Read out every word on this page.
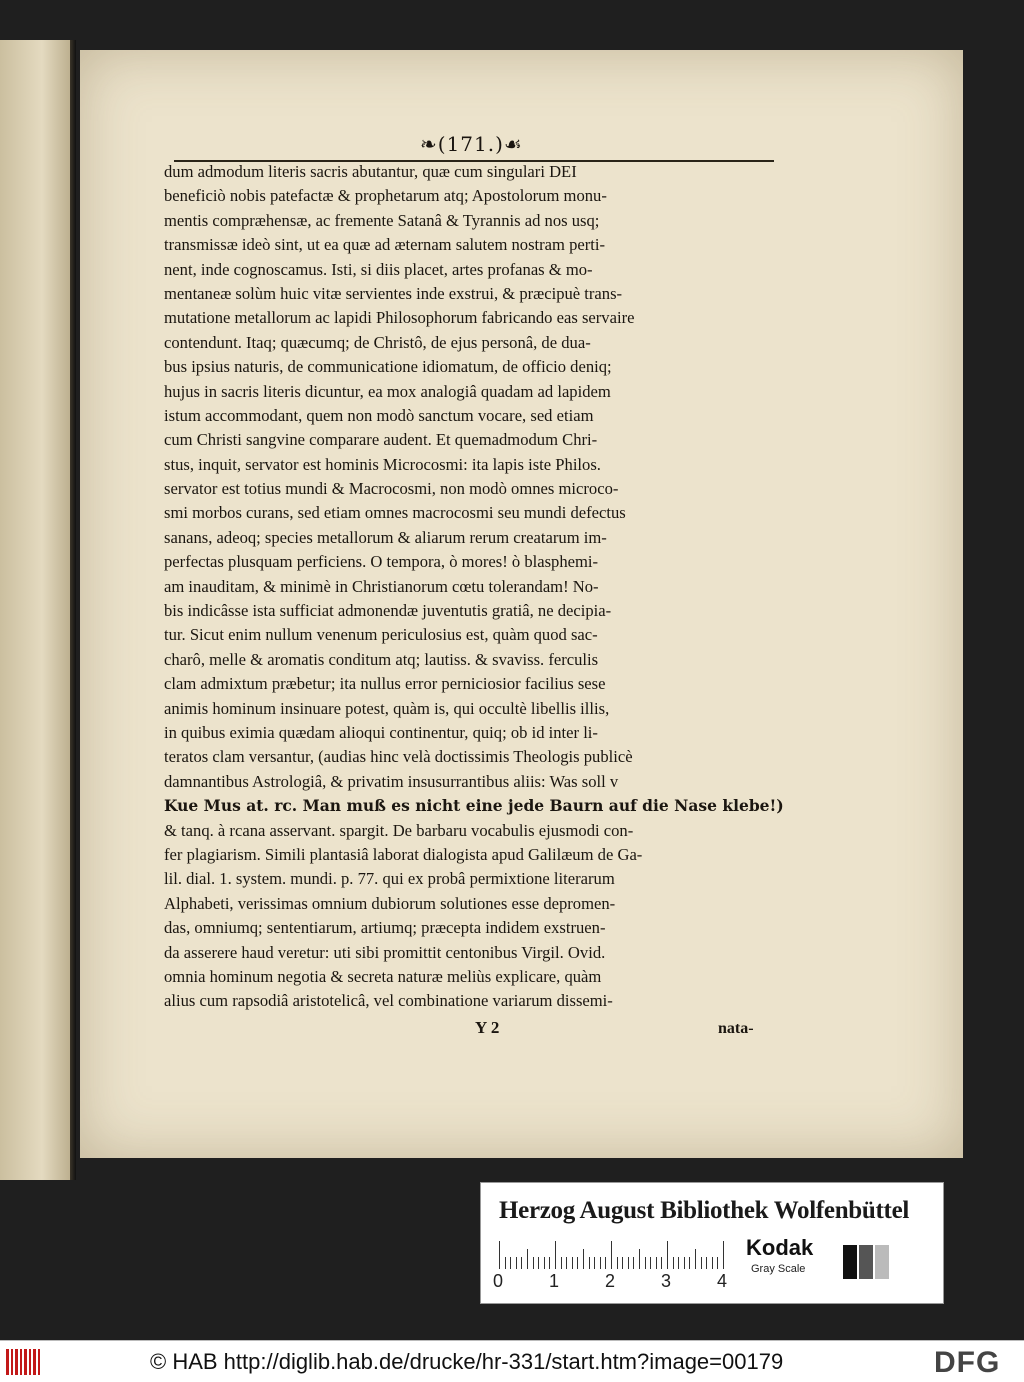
❧(171.)☙
dum admodum literis sacris abutantur, quæ cum singulari DEI
beneficiò nobis patefactæ & prophetarum atq; Apostolorum monu-
mentis compræhensæ, ac fremente Satanâ & Tyrannis ad nos usq;
transmissæ ideò sint, ut ea quæ ad æternam salutem nostram perti-
nent, inde cognoscamus. Isti, si diis placet, artes profanas & mo-
mentaneæ solùm huic vitæ servientes inde exstrui, & præcipuè trans-
mutatione metallorum ac lapidi Philosophorum fabricando eas servaire
contendunt. Itaq; quæcumq; de Christô, de ejus personâ, de dua-
bus ipsius naturis, de communicatione idiomatum, de officio deniq;
hujus in sacris literis dicuntur, ea mox analogiâ quadam ad lapidem
istum accommodant, quem non modò sanctum vocare, sed etiam
cum Christi sangvine comparare audent. Et quemadmodum Chri-
stus, inquit, servator est hominis Microcosmi: ita lapis iste Philos.
servator est totius mundi & Macrocosmi, non modò omnes microco-
smi morbos curans, sed etiam omnes macrocosmi seu mundi defectus
sanans, adeoq; species metallorum & aliarum rerum creatarum im-
perfectas plusquam perficiens. O tempora, ò mores! ò blasphemi-
am inauditam, & minimè in Christianorum cœtu tolerandam! No-
bis indicâsse ista sufficiat admonendæ juventutis gratiâ, ne decipia-
tur. Sicut enim nullum venenum periculosius est, quàm quod sac-
charô, melle & aromatis conditum atq; lautiss. & svaviss. ferculis
clam admixtum præbetur; ita nullus error perniciosior facilius sese
animis hominum insinuare potest, quàm is, qui occultè libellis illis,
in quibus eximia quædam alioqui continentur, quiq; ob id inter li-
teratos clam versantur, (audias hinc velà doctissimis Theologis publicè
damnantibus Astrologiâ, & privatim insusurrantibus aliis: Was soll v
Kue Mus at. rc. Man muß es nicht eine jede Baurn auf die Nase klebe!)
& tanq. à rcana asservant. spargit. De barbaru vocabulis ejusmodi con-
fer plagiarism. Simili plantasiâ laborat dialogista apud Galilæum de Ga-
lil. dial. 1. system. mundi. p. 77. qui ex probâ permixtione literarum
Alphabeti, verissimas omnium dubiorum solutiones esse depromen-
das, omniumq; sententiarum, artiumq; præcepta indidem exstruen-
da asserere haud veretur: uti sibi promittit centonibus Virgil. Ovid.
omnia hominum negotia & secreta naturæ meliùs explicare, quàm
alius cum rapsodiâ aristotelicâ, vel combinatione variarum dissemi-
Y 2	nata-
Herzog August Bibliothek Wolfenbüttel
0	1	2	3	4
Kodak
Gray Scale
© HAB http://diglib.hab.de/drucke/hr-331/start.htm?image=00179	DFG
